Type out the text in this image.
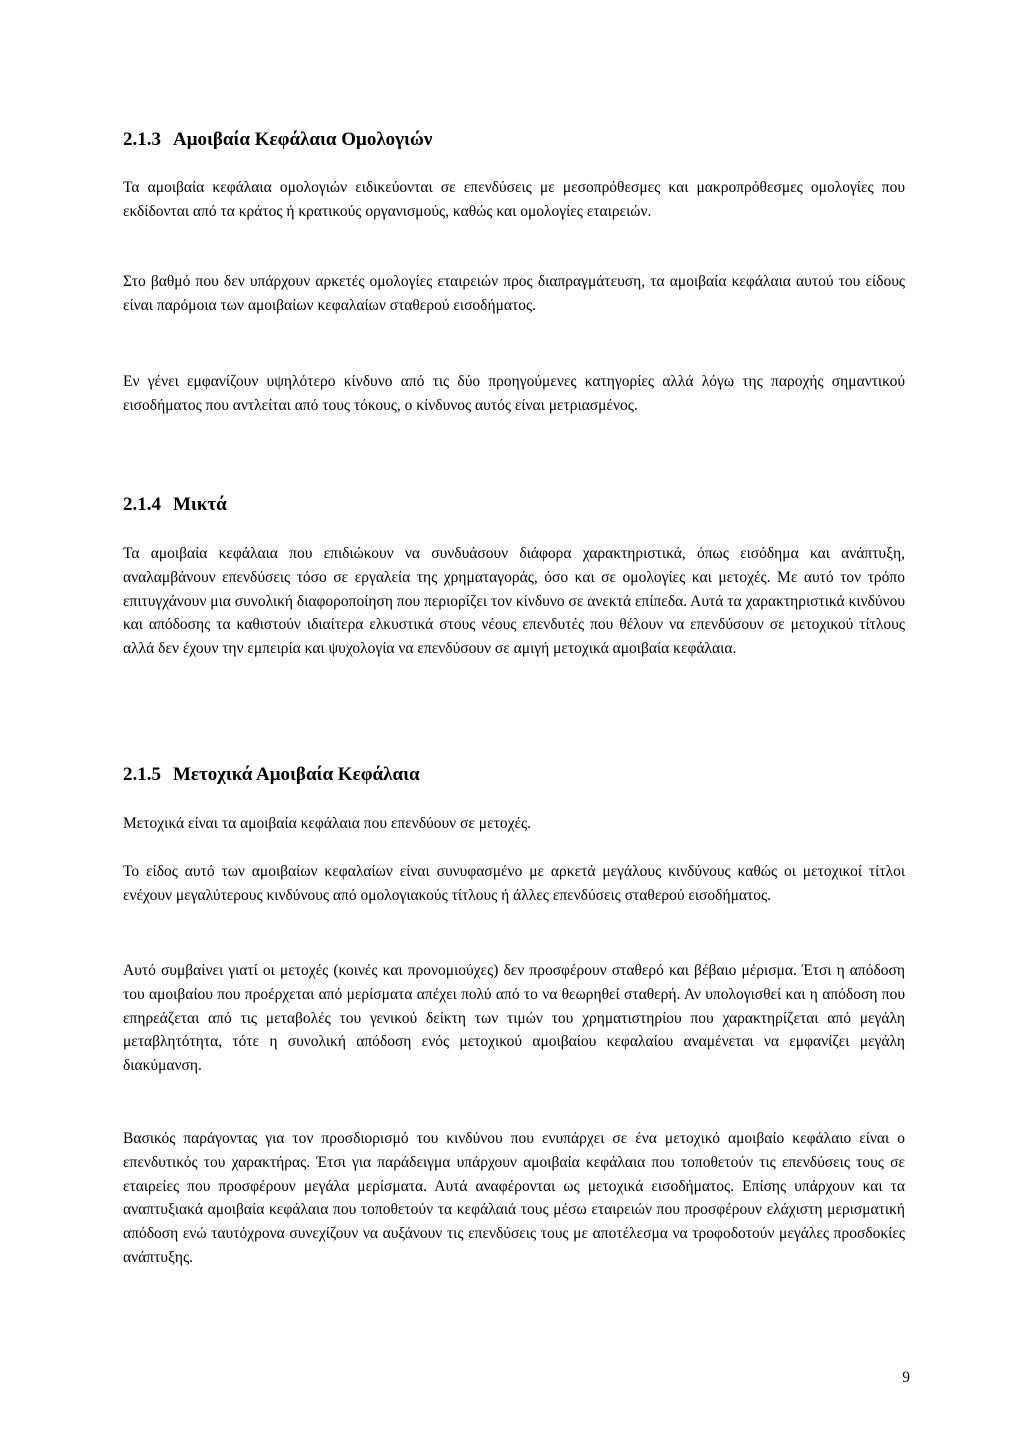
2.1.3 Αμοιβαία Κεφάλαια Ομολογιών

Τα αμοιβαία κεφάλαια ομολογιών ειδικεύονται σε επενδύσεις με μεσοπρόθεσμες και μακροπρόθεσμες ομολογίες που εκδίδονται από τα κράτος ή κρατικούς οργανισμούς, καθώς και ομολογίες εταιρειών.

Στο βαθμό που δεν υπάρχουν αρκετές ομολογίες εταιρειών προς διαπραγμάτευση, τα αμοιβαία κεφάλαια αυτού του είδους είναι παρόμοια των αμοιβαίων κεφαλαίων σταθερού εισοδήματος.

Εν γένει εμφανίζουν υψηλότερο κίνδυνο από τις δύο προηγούμενες κατηγορίες αλλά λόγω της παροχής σημαντικού εισοδήματος που αντλείται από τους τόκους, ο κίνδυνος αυτός είναι μετριασμένος.

2.1.4 Μικτά

Τα αμοιβαία κεφάλαια που επιδιώκουν να συνδυάσουν διάφορα χαρακτηριστικά, όπως εισόδημα και ανάπτυξη, αναλαμβάνουν επενδύσεις τόσο σε εργαλεία της χρηματαγοράς, όσο και σε ομολογίες και μετοχές. Με αυτό τον τρόπο επιτυγχάνουν μια συνολική διαφοροποίηση που περιορίζει τον κίνδυνο σε ανεκτά επίπεδα. Αυτά τα χαρακτηριστικά κινδύνου και απόδοσης τα καθιστούν ιδιαίτερα ελκυστικά στους νέους επενδυτές που θέλουν να επενδύσουν σε μετοχικού τίτλους αλλά δεν έχουν την εμπειρία και ψυχολογία να επενδύσουν σε αμιγή μετοχικά αμοιβαία κεφάλαια.

2.1.5 Μετοχικά Αμοιβαία Κεφάλαια

Μετοχικά είναι τα αμοιβαία κεφάλαια που επενδύουν σε μετοχές.

Το είδος αυτό των αμοιβαίων κεφαλαίων είναι συνυφασμένο με αρκετά μεγάλους κινδύνους καθώς οι μετοχικοί τίτλοι ενέχουν μεγαλύτερους κινδύνους από ομολογιακούς τίτλους ή άλλες επενδύσεις σταθερού εισοδήματος.

Αυτό συμβαίνει γιατί οι μετοχές (κοινές και προνομιούχες) δεν προσφέρουν σταθερό και βέβαιο μέρισμα. Έτσι η απόδοση του αμοιβαίου που προέρχεται από μερίσματα απέχει πολύ από το να θεωρηθεί σταθερή. Αν υπολογισθεί και η απόδοση που επηρεάζεται από τις μεταβολές του γενικού δείκτη των τιμών του χρηματιστηρίου που χαρακτηρίζεται από μεγάλη μεταβλητότητα, τότε η συνολική απόδοση ενός μετοχικού αμοιβαίου κεφαλαίου αναμένεται να εμφανίζει μεγάλη διακύμανση.

Βασικός παράγοντας για τον προσδιορισμό του κινδύνου που ενυπάρχει σε ένα μετοχικό αμοιβαίο κεφάλαιο είναι ο επενδυτικός του χαρακτήρας. Έτσι για παράδειγμα υπάρχουν αμοιβαία κεφάλαια που τοποθετούν τις επενδύσεις τους σε εταιρείες που προσφέρουν μεγάλα μερίσματα. Αυτά αναφέρονται ως μετοχικά εισοδήματος. Επίσης υπάρχουν και τα αναπτυξιακά αμοιβαία κεφάλαια που τοποθετούν τα κεφάλαιά τους μέσω εταιρειών που προσφέρουν ελάχιστη μερισματική απόδοση ενώ ταυτόχρονα συνεχίζουν να αυξάνουν τις επενδύσεις τους με αποτέλεσμα να τροφοδοτούν μεγάλες προσδοκίες ανάπτυξης.

9
